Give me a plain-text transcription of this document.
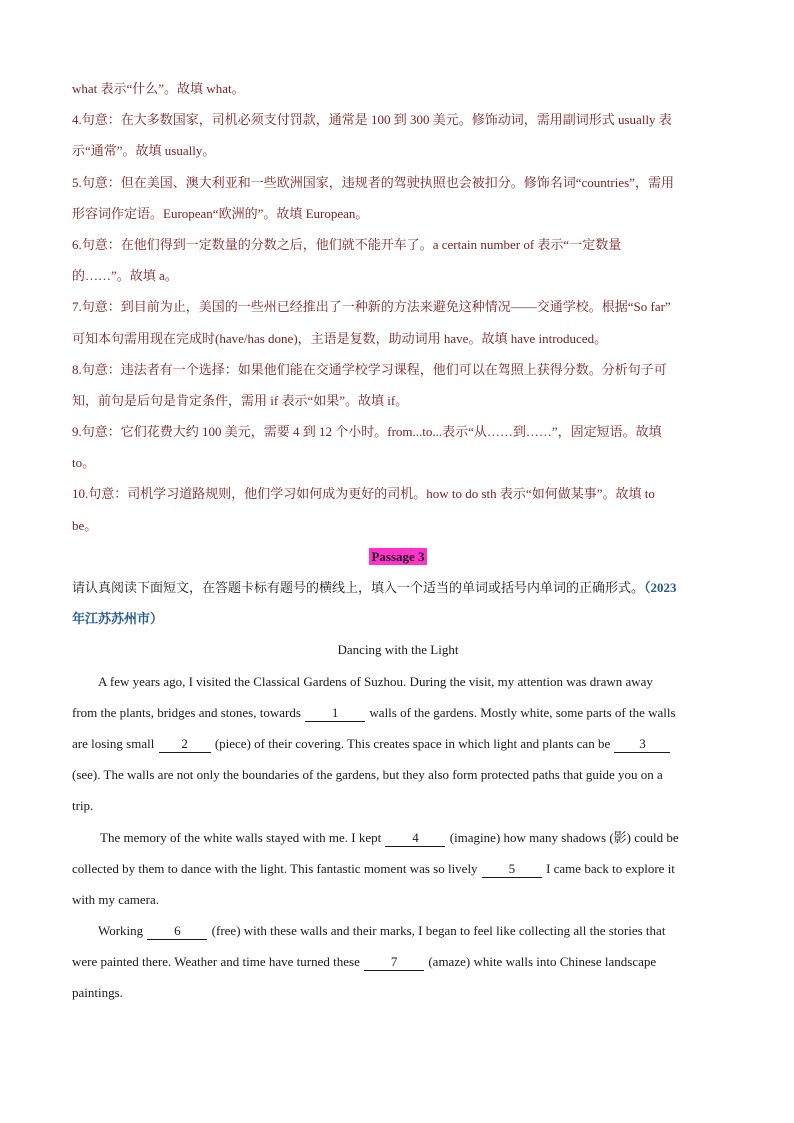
what 表示“什么”。故填 what。
4.句意：在大多数国家，司机必须支付罚款，通常是 100 到 300 美元。修饰动词，需用副词形式 usually 表
示“通常”。故填 usually。
5.句意：但在美国、澳大利亚和一些欧洲国家，违规者的驾驶执照也会被扣分。修饰名词“countries”，需用
形容词作定语。European“欧洲的”。故填 European。
6.句意：在他们得到一定数量的分数之后，他们就不能开车了。a certain number of 表示“一定数量
的……”。故填 a。
7.句意：到目前为止，美国的一些州已经推出了一种新的方法来避免这种情况——交通学校。根据“So far”
可知本句需用现在完成时(have/has done)，主语是复数，助动词用 have。故填 have introduced。
8.句意：违法者有一个选择：如果他们能在交通学校学习课程，他们可以在驾照上获得分数。分析句子可
知，前句是后句是肯定条件，需用 if 表示“如果”。故填 if。
9.句意：它们花费大约 100 美元，需要 4 到 12 个小时。from...to...表示“从……到……”，固定短语。故填
to。
10.句意：司机学习道路规则，他们学习如何成为更好的司机。how to do sth 表示“如何做某事”。故填 to
be。
Passage 3
请认真阅读下面短文，在答题卡标有题号的横线上，填入一个适当的单词或括号内单词的正确形式。（2023
年江苏苏州市）
Dancing with the Light
A few years ago, I visited the Classical Gardens of Suzhou. During the visit, my attention was drawn away
from the plants, bridges and stones, towards 1 walls of the gardens. Mostly white, some parts of the walls
are losing small 2 (piece) of their covering. This creates space in which light and plants can be 3
(see). The walls are not only the boundaries of the gardens, but they also form protected paths that guide you on a
trip.
The memory of the white walls stayed with me. I kept 4 (imagine) how many shadows (影) could be
collected by them to dance with the light. This fantastic moment was so lively 5 I came back to explore it
with my camera.
Working 6 (free) with these walls and their marks, I began to feel like collecting all the stories that
were painted there. Weather and time have turned these 7 (amaze) white walls into Chinese landscape
paintings.
